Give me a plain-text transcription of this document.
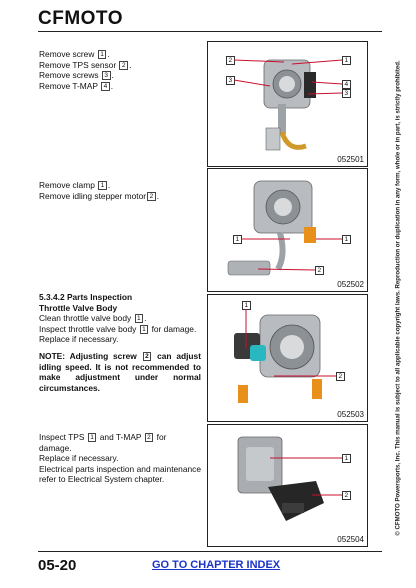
CFMOTO

Remove screw 1 .

Remove TPS sensor 2 .

Remove screws 3 .

Remove T-MAP 4 .

Remove clamp 1 .

Remove idling stepper motor 2 .

5.3.4.2 Parts Inspection

Throttle Valve Body

Clean throttle valve body 1 .

Inspect throttle valve body 1 for damage.

Replace if necessary.

NOTE: Adjusting screw 2 can adjust idling speed. It is not recommended to make adjustment under normal circumstances.

Inspect TPS 1 and T-MAP 2 for damage.

Replace if necessary.

Electrical parts inspection and maintenance refer to Electrical System chapter.

2	1
3
4
3
052501
1	1
2
052502
1
2
052503
1
2
052504
© CFMOTO Powersports, Inc. This manual is subject to all applicable copyright laws. Reproduction or duplication in any form, whole or in part, is strictly prohibited.
05-20	GO TO CHAPTER INDEX
